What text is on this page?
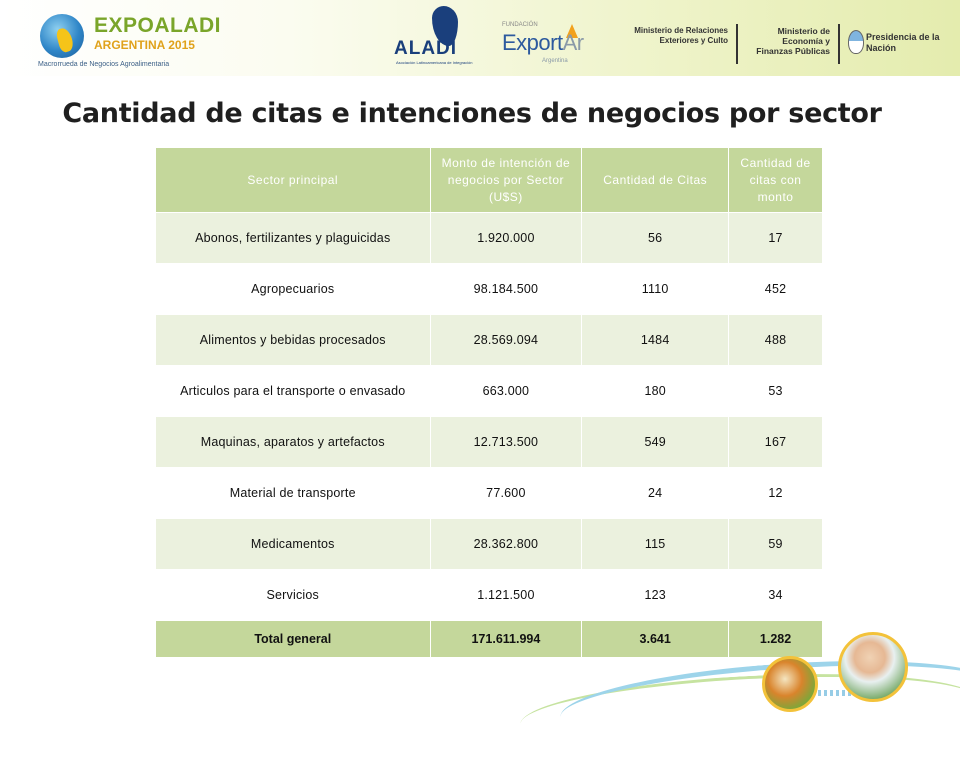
EXPOALADI
ARGENTINA 2015
Macrorrueda de Negocios Agroalimentaria
ALADI
Asociación Latinoamericana de Integración
FUNDACIÓN
ExportAr
Argentina
Ministerio de Relaciones Exteriores y Culto
Ministerio de Economía y Finanzas Públicas
Presidencia de la Nación
Cantidad de citas e intenciones de negocios por sector
Sector principal	Monto de intención de negocios por Sector (U$S)	Cantidad de Citas	Cantidad de citas con monto
Abonos, fertilizantes y plaguicidas	1.920.000	56	17
Agropecuarios	98.184.500	1110	452
Alimentos y bebidas procesados	28.569.094	1484	488
Articulos para el transporte o envasado	663.000	180	53
Maquinas, aparatos y artefactos	12.713.500	549	167
Material de transporte	77.600	24	12
Medicamentos	28.362.800	115	59
Servicios	1.121.500	123	34
Total general	171.611.994	3.641	1.282
